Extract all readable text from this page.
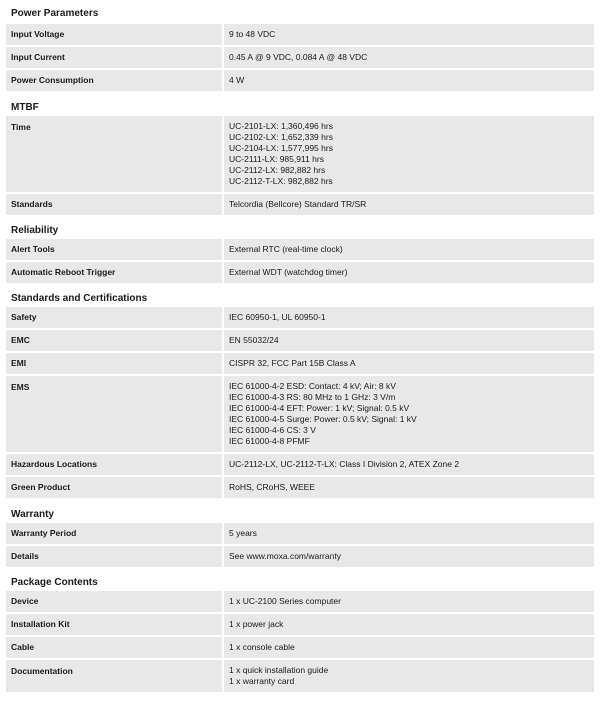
Power Parameters
Input Voltage	9 to 48 VDC
Input Current	0.45 A @ 9 VDC, 0.084 A @ 48 VDC
Power Consumption	4 W
MTBF
Time	UC-2101-LX: 1,360,496 hrs
UC-2102-LX: 1,652,339 hrs
UC-2104-LX: 1,577,995 hrs
UC-2111-LX: 985,911 hrs
UC-2112-LX: 982,882 hrs
UC-2112-T-LX: 982,882 hrs
Standards	Telcordia (Bellcore) Standard TR/SR
Reliability
Alert Tools	External RTC (real-time clock)
Automatic Reboot Trigger	External WDT (watchdog timer)
Standards and Certifications
Safety	IEC 60950-1, UL 60950-1
EMC	EN 55032/24
EMI	CISPR 32, FCC Part 15B Class A
EMS	IEC 61000-4-2 ESD: Contact: 4 kV; Air: 8 kV
IEC 61000-4-3 RS: 80 MHz to 1 GHz: 3 V/m
IEC 61000-4-4 EFT: Power: 1 kV; Signal: 0.5 kV
IEC 61000-4-5 Surge: Power: 0.5 kV; Signal: 1 kV
IEC 61000-4-6 CS: 3 V
IEC 61000-4-8 PFMF
Hazardous Locations	UC-2112-LX, UC-2112-T-LX: Class I Division 2, ATEX Zone 2
Green Product	RoHS, CRoHS, WEEE
Warranty
Warranty Period	5 years
Details	See www.moxa.com/warranty
Package Contents
Device	1 x UC-2100 Series computer
Installation Kit	1 x power jack
Cable	1 x console cable
Documentation	1 x quick installation guide
1 x warranty card
